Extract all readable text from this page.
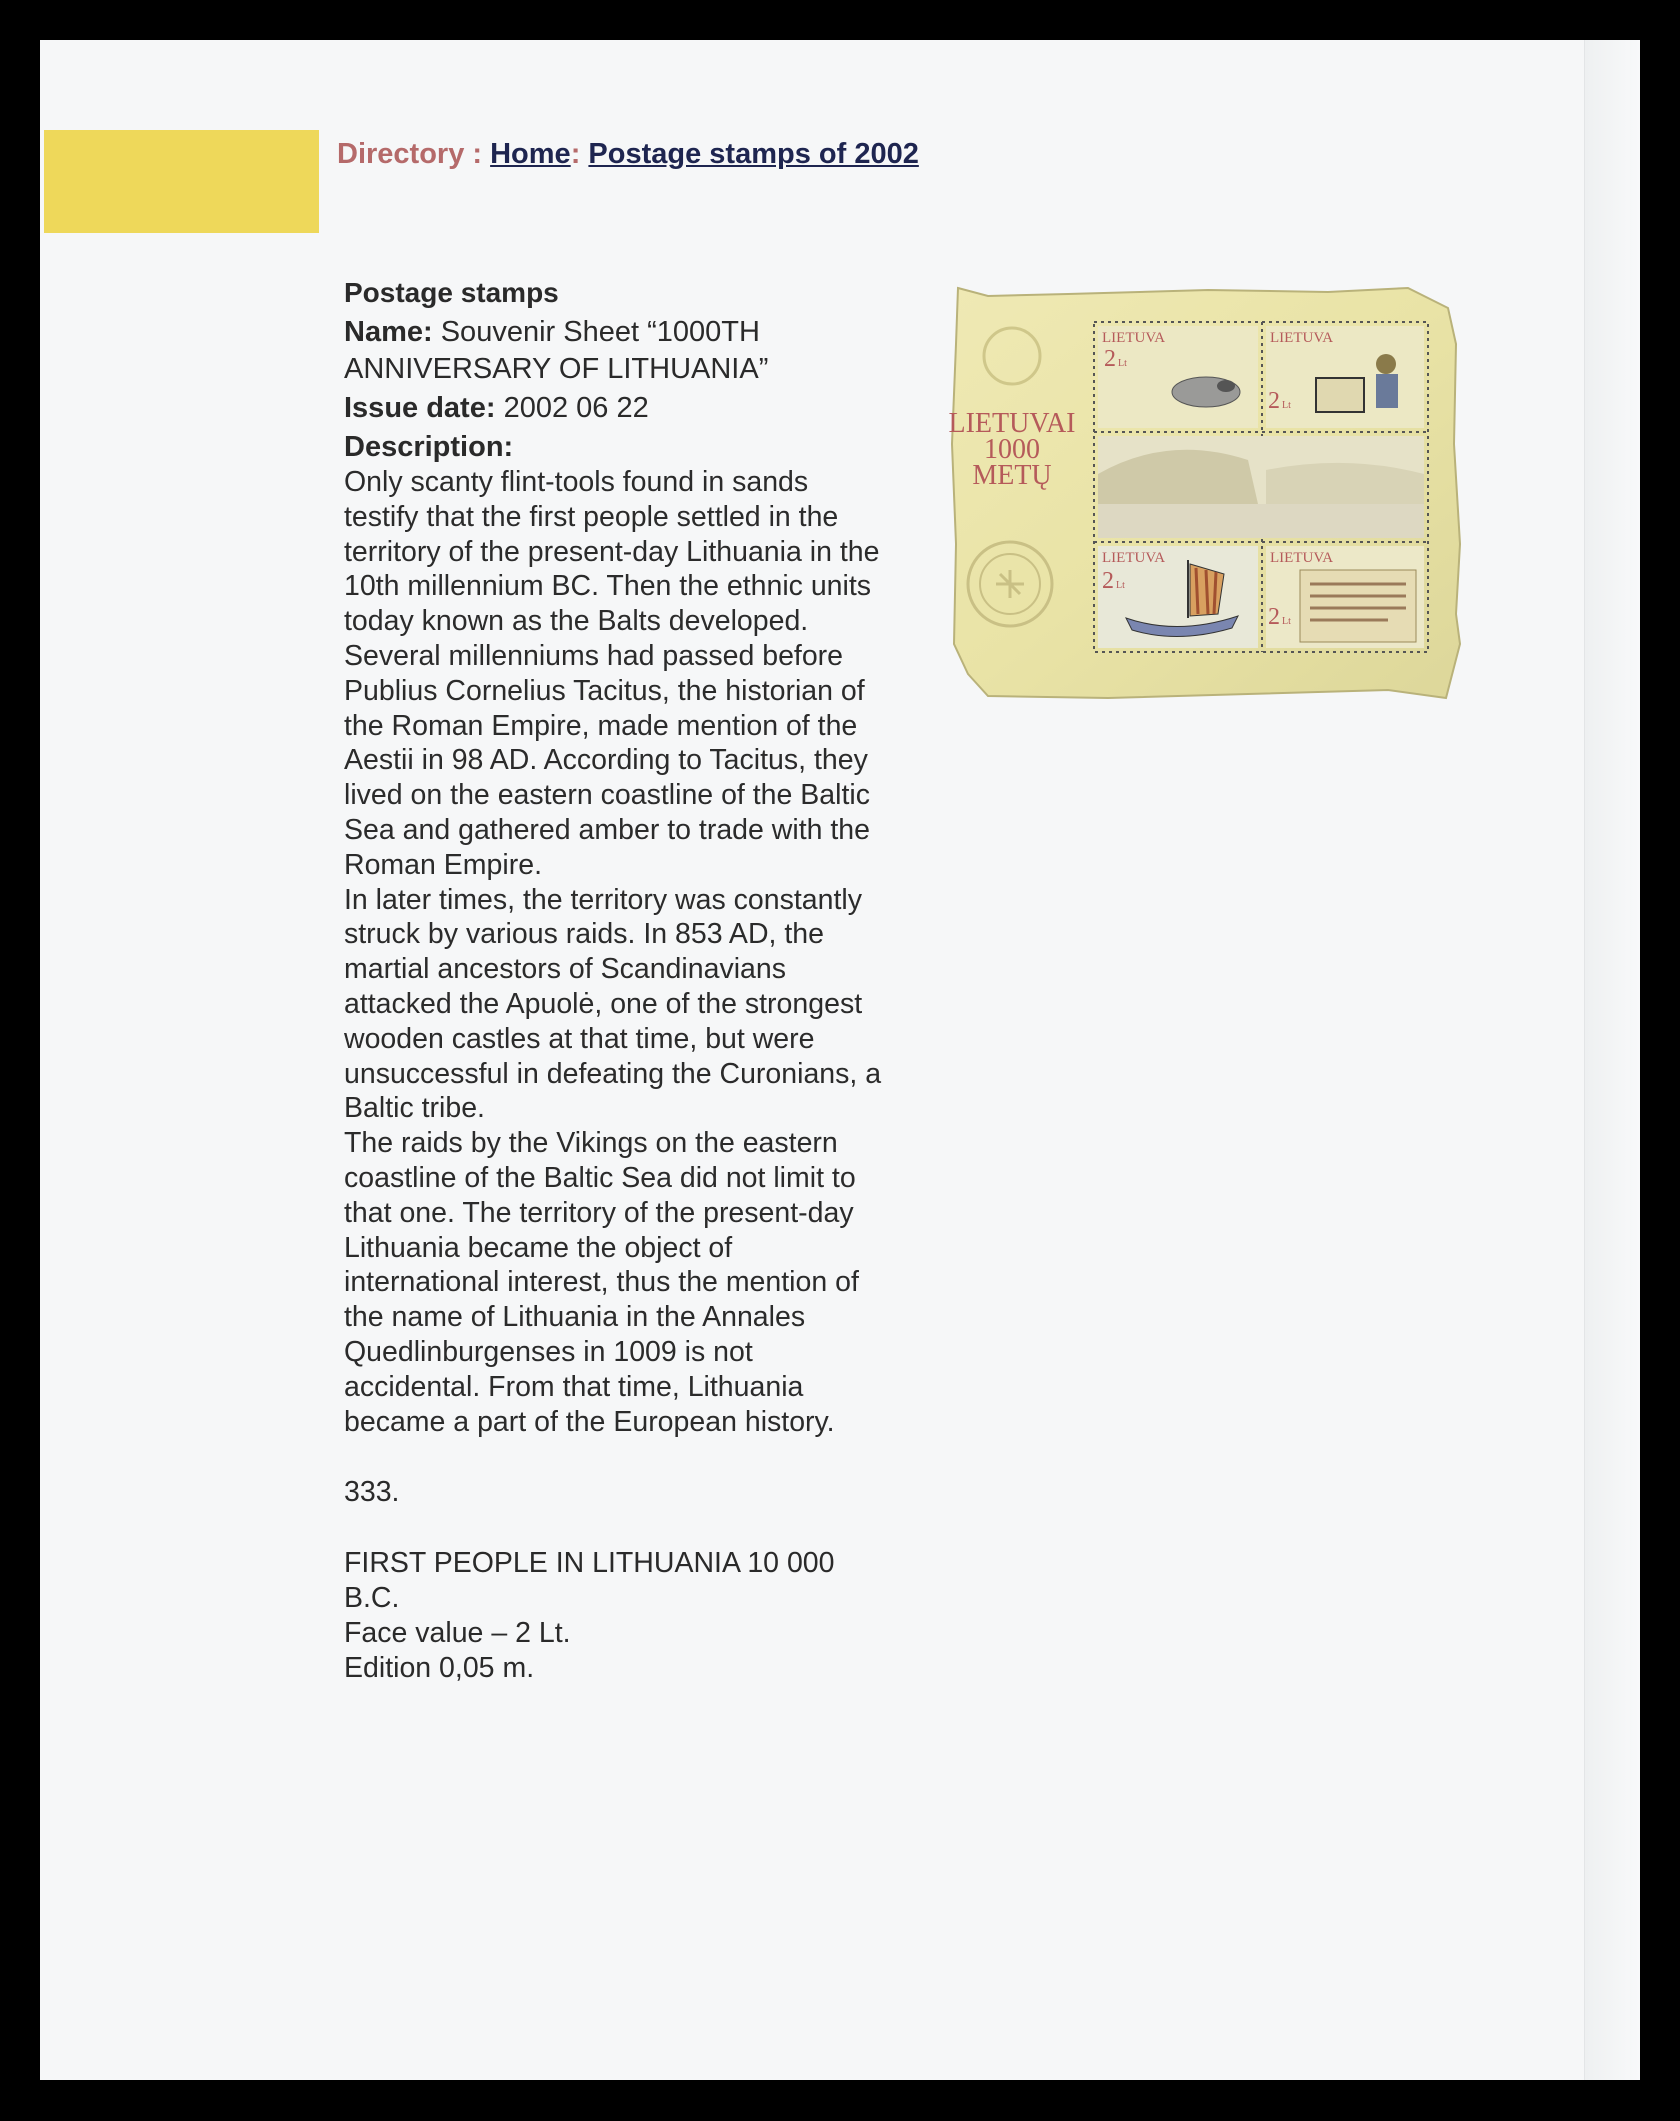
Directory : Home: Postage stamps of 2002
Postage stamps
Name: Souvenir Sheet “1000TH
ANNIVERSARY OF LITHUANIA”
Issue date: 2002 06 22
Description:

Only scanty flint-tools found in sands
testify that the first people settled in the
territory of the present-day Lithuania in the
10th millennium BC. Then the ethnic units
today known as the Balts developed.
Several millenniums had passed before
Publius Cornelius Tacitus, the historian of
the Roman Empire, made mention of the
Aestii in 98 AD. According to Tacitus, they
lived on the eastern coastline of the Baltic
Sea and gathered amber to trade with the
Roman Empire.

In later times, the territory was constantly
struck by various raids. In 853 AD, the
martial ancestors of Scandinavians
attacked the Apuolė, one of the strongest
wooden castles at that time, but were
unsuccessful in defeating the Curonians, a
Baltic tribe.

The raids by the Vikings on the eastern
coastline of the Baltic Sea did not limit to
that one. The territory of the present-day
Lithuania became the object of
international interest, thus the mention of
the name of Lithuania in the Annales
Quedlinburgenses in 1009 is not
accidental. From that time, Lithuania
became a part of the European history.

333.
FIRST PEOPLE IN LITHUANIA 10 000
B.C.
Face value – 2 Lt.
Edition 0,05 m.
LIETUVAI
1000
METŲ
LIETUVA
2 Lt
LIETUVA
2 Lt
LIETUVA
2 Lt
LIETUVA
2 Lt
